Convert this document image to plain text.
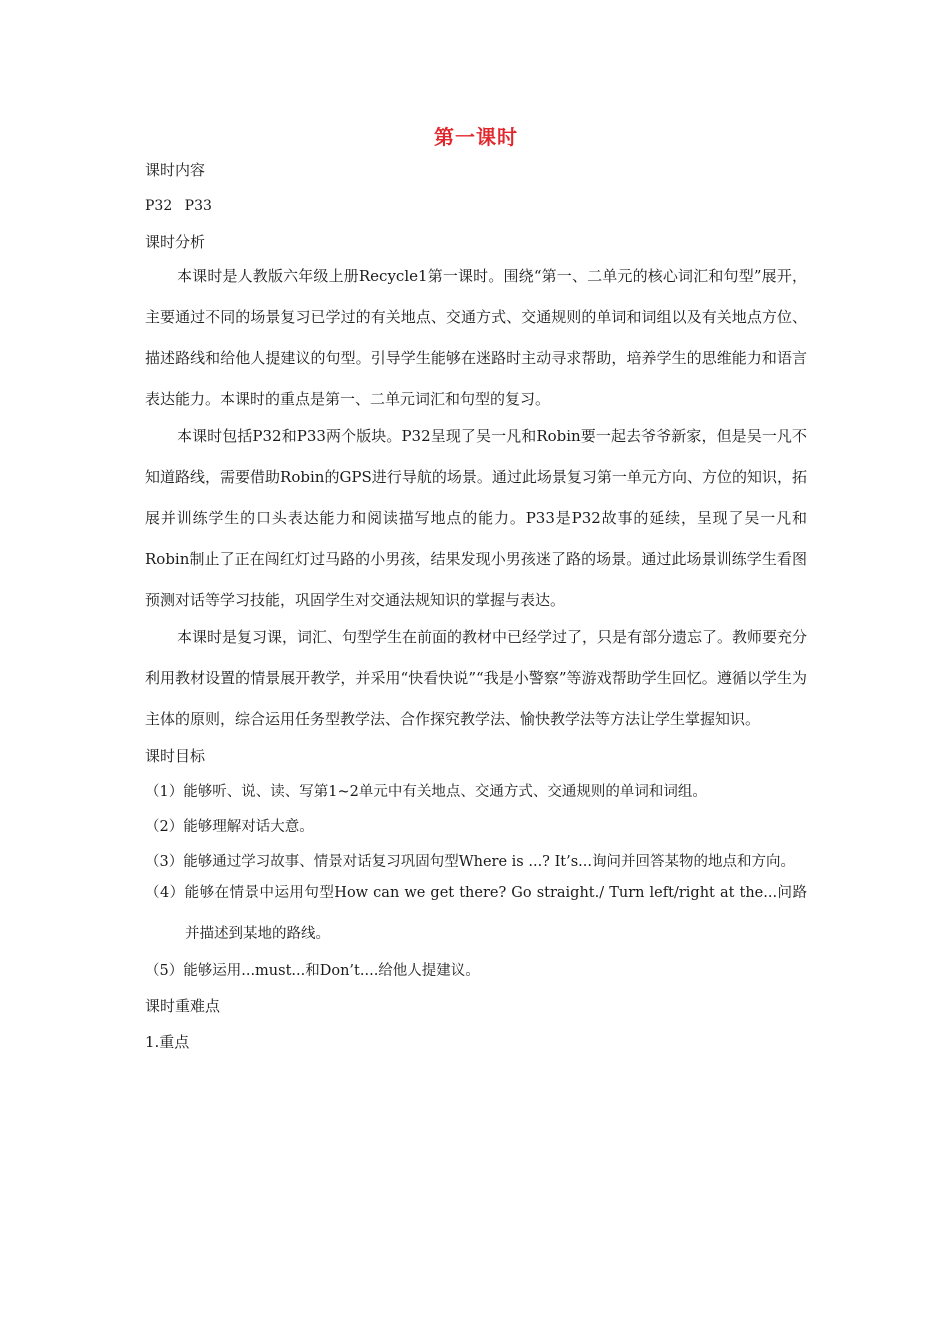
第一课时
课时内容
P32 P33
课时分析

本课时是人教版六年级上册Recycle1第一课时。围绕“第一、二单元的核心词汇和句型”展开，主要通过不同的场景复习已学过的有关地点、交通方式、交通规则的单词和词组以及有关地点方位、描述路线和给他人提建议的句型。引导学生能够在迷路时主动寻求帮助，培养学生的思维能力和语言表达能力。本课时的重点是第一、二单元词汇和句型的复习。

本课时包括P32和P33两个版块。P32呈现了吴一凡和Robin要一起去爷爷新家，但是吴一凡不知道路线，需要借助Robin的GPS进行导航的场景。通过此场景复习第一单元方向、方位的知识，拓展并训练学生的口头表达能力和阅读描写地点的能力。P33是P32故事的延续，呈现了吴一凡和Robin制止了正在闯红灯过马路的小男孩，结果发现小男孩迷了路的场景。通过此场景训练学生看图预测对话等学习技能，巩固学生对交通法规知识的掌握与表达。

本课时是复习课，词汇、句型学生在前面的教材中已经学过了，只是有部分遗忘了。教师要充分利用教材设置的情景展开教学，并采用“快看快说”“我是小警察”等游戏帮助学生回忆。遵循以学生为主体的原则，综合运用任务型教学法、合作探究教学法、愉快教学法等方法让学生掌握知识。

课时目标
（1）能够听、说、读、写第1~2单元中有关地点、交通方式、交通规则的单词和词组。
（2）能够理解对话大意。
（3）能够通过学习故事、情景对话复习巩固句型Where is ...? It’s...询问并回答某物的地点和方向。
（4）能够在情景中运用句型How can we get there? Go straight./ Turn left/right at the...问路并描述到某地的路线。
（5）能够运用...must...和Don’t....给他人提建议。
课时重难点
1.重点
